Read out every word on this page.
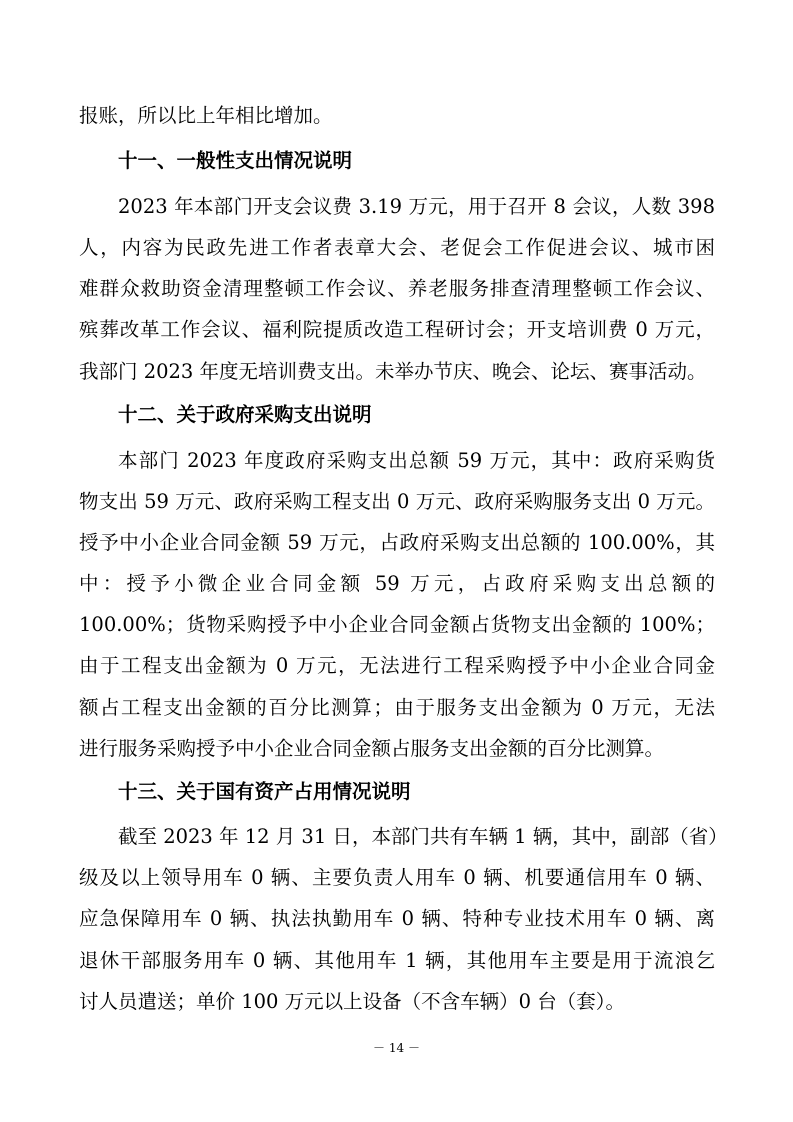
报账，所以比上年相比增加。
十一、一般性支出情况说明
2023 年本部门开支会议费 3.19 万元，用于召开 8 会议，人数 398
人，内容为民政先进工作者表章大会、老促会工作促进会议、城市困
难群众救助资金清理整顿工作会议、养老服务排查清理整顿工作会议、
殡葬改革工作会议、福利院提质改造工程研讨会；开支培训费 0 万元，
我部门 2023 年度无培训费支出。未举办节庆、晚会、论坛、赛事活动。
十二、关于政府采购支出说明
本部门 2023 年度政府采购支出总额 59 万元，其中：政府采购货
物支出 59 万元、政府采购工程支出 0 万元、政府采购服务支出 0 万元。
授予中小企业合同金额 59 万元，占政府采购支出总额的 100.00%，其
中：授予小微企业合同金额 59 万元，占政府采购支出总额的
100.00%；货物采购授予中小企业合同金额占货物支出金额的 100%；
由于工程支出金额为 0 万元，无法进行工程采购授予中小企业合同金
额占工程支出金额的百分比测算；由于服务支出金额为 0 万元，无法
进行服务采购授予中小企业合同金额占服务支出金额的百分比测算。
十三、关于国有资产占用情况说明
截至 2023 年 12 月 31 日，本部门共有车辆 1 辆，其中，副部（省）
级及以上领导用车 0 辆、主要负责人用车 0 辆、机要通信用车 0 辆、
应急保障用车 0 辆、执法执勤用车 0 辆、特种专业技术用车 0 辆、离
退休干部服务用车 0 辆、其他用车 1 辆，其他用车主要是用于流浪乞
讨人员遣送；单价 100 万元以上设备（不含车辆）0 台（套）。
－ 14 －
